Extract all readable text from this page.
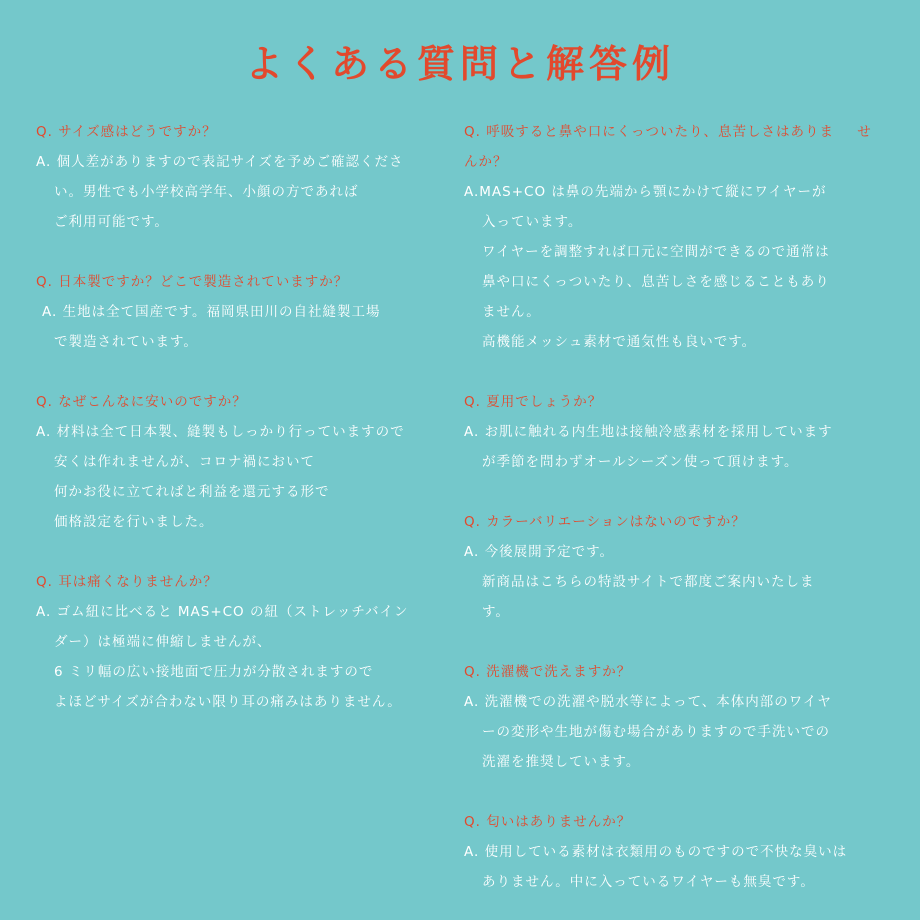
よくある質問と解答例

Q. サイズ感はどうですか？

A. 個人差がありますので表記サイズを予めご確認くださ
い。男性でも小学校高学年、小顔の方であれば
ご利用可能です。

Q. 日本製ですか？どこで製造されていますか？

A. 生地は全て国産です。福岡県田川の自社縫製工場
で製造されています。

Q. なぜこんなに安いのですか？

A. 材料は全て日本製、縫製もしっかり行っていますので
安くは作れませんが、コロナ禍において
何かお役に立てればと利益を還元する形で
価格設定を行いました。

Q. 耳は痛くなりませんか？

A. ゴム紐に比べると MAS+CO の紐（ストレッチバイン
ダー）は極端に伸縮しませんが、
6 ミリ幅の広い接地面で圧力が分散されますので
よほどサイズが合わない限り耳の痛みはありません。

Q. 呼吸すると鼻や口にくっついたり、息苦しさはありま せんか？

A.MAS+CO は鼻の先端から顎にかけて縦にワイヤーが
入っています。
ワイヤーを調整すれば口元に空間ができるので通常は
鼻や口にくっついたり、息苦しさを感じることもあり
ません。
高機能メッシュ素材で通気性も良いです。

Q. 夏用でしょうか？

A. お肌に触れる内生地は接触冷感素材を採用しています
が季節を問わずオールシーズン使って頂けます。

Q. カラーバリエーションはないのですか？

A. 今後展開予定です。
新商品はこちらの特設サイトで都度ご案内いたしま
す。

Q. 洗濯機で洗えますか？

A. 洗濯機での洗濯や脱水等によって、本体内部のワイヤ
ーの変形や生地が傷む場合がありますので手洗いでの
洗濯を推奨しています。

Q. 匂いはありませんか？

A. 使用している素材は衣類用のものですので不快な臭いは
ありません。中に入っているワイヤーも無臭です。
